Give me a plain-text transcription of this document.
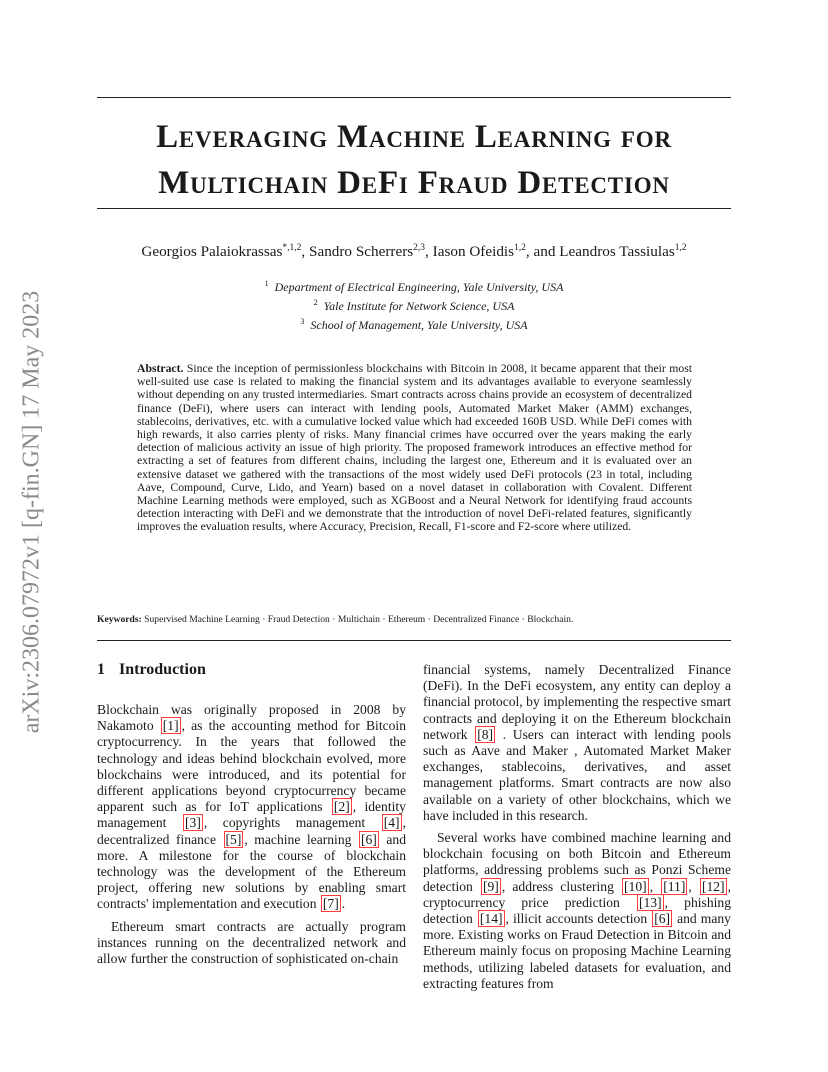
arXiv:2306.07972v1 [q-fin.GN] 17 May 2023
Leveraging Machine Learning for
Multichain DeFi Fraud Detection
Georgios Palaiokrassas$^{*,1,2}$, Sandro Scherrers$^{2,3}$, Iason Ofeidis$^{1,2}$, and Leandros Tassiulas$^{1,2}$
$^1$ Department of Electrical Engineering, Yale University, USA
$^2$ Yale Institute for Network Science, USA
$^3$ School of Management, Yale University, USA

Abstract. Since the inception of permissionless blockchains with Bitcoin in 2008, it became apparent that their most well-suited use case is related to making the financial system and its advantages available to everyone seamlessly without depending on any trusted intermediaries. Smart contracts across chains provide an ecosystem of decentralized finance (DeFi), where users can interact with lending pools, Automated Market Maker (AMM) exchanges, stablecoins, derivatives, etc. with a cumulative locked value which had exceeded 160B USD. While DeFi comes with high rewards, it also carries plenty of risks. Many financial crimes have occurred over the years making the early detection of malicious activity an issue of high priority. The proposed framework introduces an effective method for extracting a set of features from different chains, including the largest one, Ethereum and it is evaluated over an extensive dataset we gathered with the transactions of the most widely used DeFi protocols (23 in total, including Aave, Compound, Curve, Lido, and Yearn) based on a novel dataset in collaboration with Covalent. Different Machine Learning methods were employed, such as XGBoost and a Neural Network for identifying fraud accounts detection interacting with DeFi and we demonstrate that the introduction of novel DeFi-related features, significantly improves the evaluation results, where Accuracy, Precision, Recall, F1-score and F2-score where utilized.

Keywords: Supervised Machine Learning · Fraud Detection · Multichain · Ethereum · Decentralized Finance · Blockchain.
1 Introduction

Blockchain was originally proposed in 2008 by Nakamoto [1] , as the accounting method for Bitcoin cryptocurrency. In the years that followed the technology and ideas behind blockchain evolved, more blockchains were introduced, and its potential for different applications beyond cryptocurrency became apparent such as for IoT applications [2] , identity management [3] , copyrights management [4] , decentralized finance [5] , machine learning [6] and more. A milestone for the course of blockchain technology was the development of the Ethereum project, offering new solutions by enabling smart contracts' implementation and execution [7] .

Ethereum smart contracts are actually program instances running on the decentralized network and allow further the construction of sophisticated on-chain

financial systems, namely Decentralized Finance (DeFi). In the DeFi ecosystem, any entity can deploy a financial protocol, by implementing the respective smart contracts and deploying it on the Ethereum blockchain network [8] . Users can interact with lending pools such as Aave and Maker , Automated Market Maker exchanges, stablecoins, derivatives, and asset management platforms. Smart contracts are now also available on a variety of other blockchains, which we have included in this research.

Several works have combined machine learning and blockchain focusing on both Bitcoin and Ethereum platforms, addressing problems such as Ponzi Scheme detection [9] , address clustering [10] , [11] , [12] , cryptocurrency price prediction [13] , phishing detection [14] , illicit accounts detection [6] and many more. Existing works on Fraud Detection in Bitcoin and Ethereum mainly focus on proposing Machine Learning methods, utilizing labeled datasets for evaluation, and extracting features from
